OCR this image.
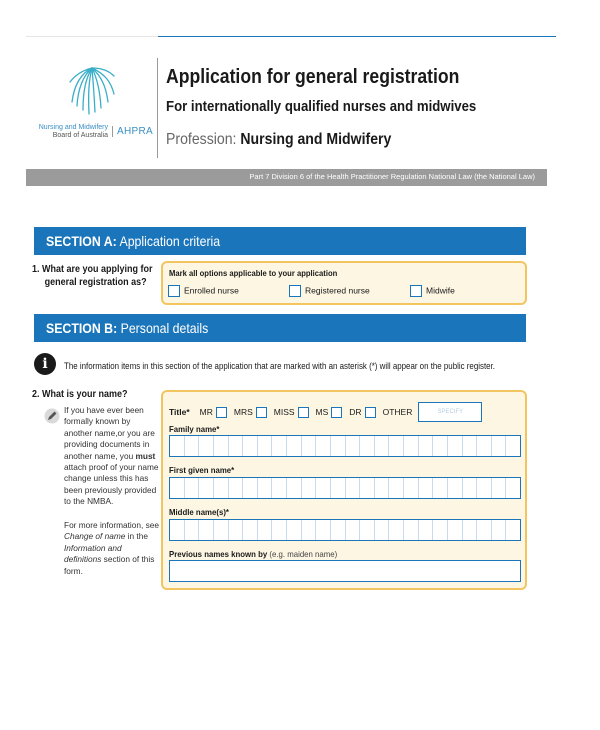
Nursing and Midwifery
Board of Australia AHPRA
Application for general registration
For internationally qualified nurses and midwives
Profession: Nursing and Midwifery
Part 7 Division 6 of the Health Practitioner Regulation National Law (the National Law)
SECTION A: Application criteria
1. What are you applying for
general registration as?
Mark all options applicable to your application
Enrolled nurse	Registered nurse	Midwife
SECTION B: Personal details
i	The information items in this section of the application that are marked with an asterisk (*) will appear on the public register.
2. What is your name?
If you have ever been formally known by another name,or you are providing documents in another name, you must attach proof of your name change unless this has been previously provided to the NMBA.
For more information, see Change of name in the Information and definitions section of this form.
Title* MR MRS MISS MS DR OTHER	SPECIFY
Family name*
First given name*
Middle name(s)*
Previous names known by (e.g. maiden name)
